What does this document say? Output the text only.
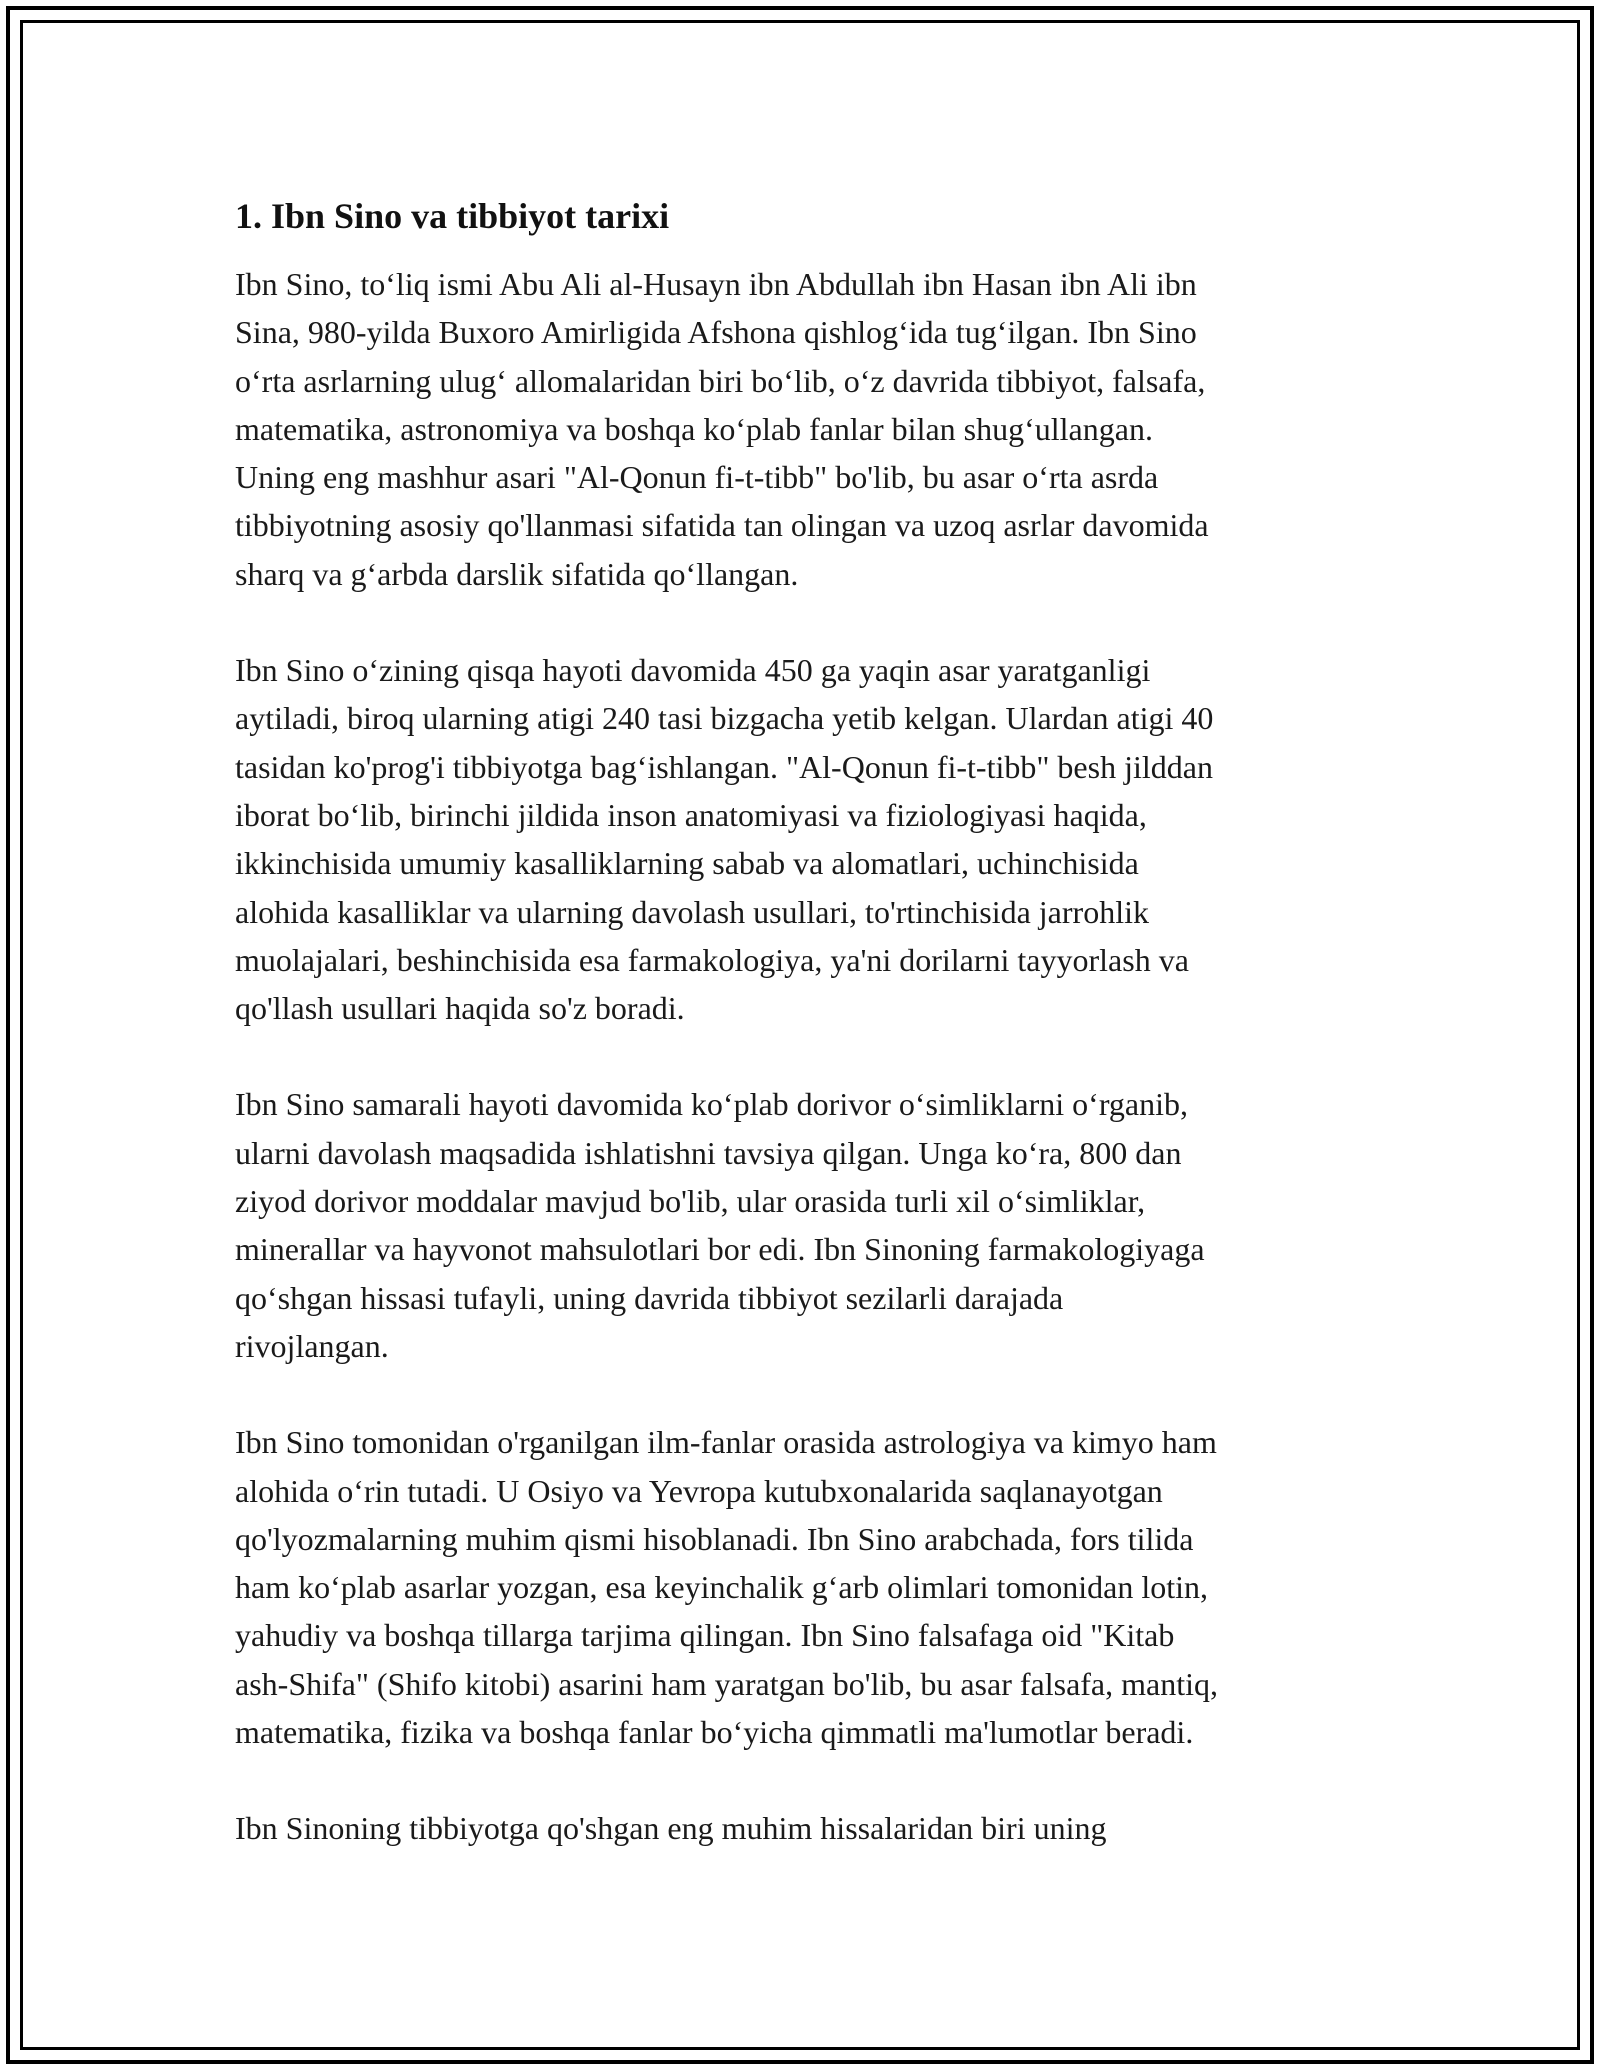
1. Ibn Sino va tibbiyot tarixi

Ibn Sino, to‘liq ismi Abu Ali al-Husayn ibn Abdullah ibn Hasan ibn Ali ibn
Sina, 980-yilda Buxoro Amirligida Afshona qishlog‘ida tug‘ilgan. Ibn Sino
o‘rta asrlarning ulug‘ allomalaridan biri bo‘lib, o‘z davrida tibbiyot, falsafa,
matematika, astronomiya va boshqa ko‘plab fanlar bilan shug‘ullangan.
Uning eng mashhur asari "Al-Qonun fi-t-tibb" bo'lib, bu asar o‘rta asrda
tibbiyotning asosiy qo'llanmasi sifatida tan olingan va uzoq asrlar davomida
sharq va g‘arbda darslik sifatida qo‘llangan.

Ibn Sino o‘zining qisqa hayoti davomida 450 ga yaqin asar yaratganligi
aytiladi, biroq ularning atigi 240 tasi bizgacha yetib kelgan. Ulardan atigi 40
tasidan ko'prog'i tibbiyotga bag‘ishlangan. "Al-Qonun fi-t-tibb" besh jilddan
iborat bo‘lib, birinchi jildida inson anatomiyasi va fiziologiyasi haqida,
ikkinchisida umumiy kasalliklarning sabab va alomatlari, uchinchisida
alohida kasalliklar va ularning davolash usullari, to'rtinchisida jarrohlik
muolajalari, beshinchisida esa farmakologiya, ya'ni dorilarni tayyorlash va
qo'llash usullari haqida so'z boradi.

Ibn Sino samarali hayoti davomida ko‘plab dorivor o‘simliklarni o‘rganib,
ularni davolash maqsadida ishlatishni tavsiya qilgan. Unga ko‘ra, 800 dan
ziyod dorivor moddalar mavjud bo'lib, ular orasida turli xil o‘simliklar,
minerallar va hayvonot mahsulotlari bor edi. Ibn Sinoning farmakologiyaga
qo‘shgan hissasi tufayli, uning davrida tibbiyot sezilarli darajada
rivojlangan.

Ibn Sino tomonidan o'rganilgan ilm-fanlar orasida astrologiya va kimyo ham
alohida o‘rin tutadi. U Osiyo va Yevropa kutubxonalarida saqlanayotgan
qo'lyozmalarning muhim qismi hisoblanadi. Ibn Sino arabchada, fors tilida
ham ko‘plab asarlar yozgan, esa keyinchalik g‘arb olimlari tomonidan lotin,
yahudiy va boshqa tillarga tarjima qilingan. Ibn Sino falsafaga oid "Kitab
ash-Shifa" (Shifo kitobi) asarini ham yaratgan bo'lib, bu asar falsafa, mantiq,
matematika, fizika va boshqa fanlar bo‘yicha qimmatli ma'lumotlar beradi.

Ibn Sinoning tibbiyotga qo'shgan eng muhim hissalaridan biri uning
